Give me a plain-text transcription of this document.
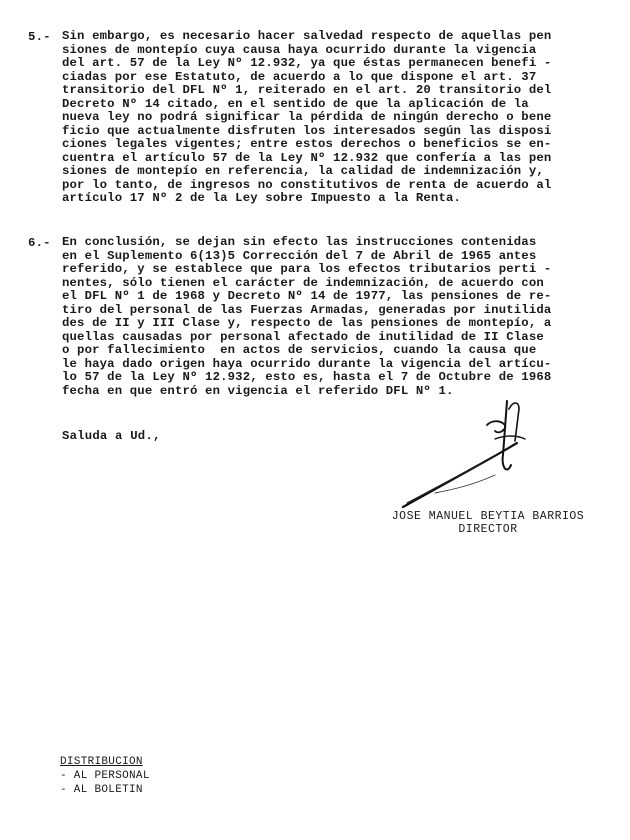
5.- Sin embargo, es necesario hacer salvedad respecto de aquellas pen
siones de montepío cuya causa haya ocurrido durante la vigencia
del art. 57 de la Ley Nº 12.932, ya que éstas permanecen benefi -
ciadas por ese Estatuto, de acuerdo a lo que dispone el art. 37
transitorio del DFL Nº 1, reiterado en el art. 20 transitorio del
Decreto Nº 14 citado, en el sentido de que la aplicación de la
nueva ley no podrá significar la pérdida de ningún derecho o bene
ficio que actualmente disfruten los interesados según las disposi
ciones legales vigentes; entre estos derechos o beneficios se en-
cuentra el artículo 57 de la Ley Nº 12.932 que confería a las pen
siones de montepío en referencia, la calidad de indemnización y,
por lo tanto, de ingresos no constitutivos de renta de acuerdo al
artículo 17 Nº 2 de la Ley sobre Impuesto a la Renta.
6.- En conclusión, se dejan sin efecto las instrucciones contenidas
en el Suplemento 6(13)5 Corrección del 7 de Abril de 1965 antes
referido, y se establece que para los efectos tributarios perti -
nentes, sólo tienen el carácter de indemnización, de acuerdo con
el DFL Nº 1 de 1968 y Decreto Nº 14 de 1977, las pensiones de re-
tiro del personal de las Fuerzas Armadas, generadas por inutilida
des de II y III Clase y, respecto de las pensiones de montepío, a
quellas causadas por personal afectado de inutilidad de II Clase
o por fallecimiento  en actos de servicios, cuando la causa que
le haya dado origen haya ocurrido durante la vigencia del artícu-
lo 57 de la Ley Nº 12.932, esto es, hasta el 7 de Octubre de 1968
fecha en que entró en vigencia el referido DFL Nº 1.
Saluda a Ud.,
JOSE MANUEL BEYTIA BARRIOS
DIRECTOR
DISTRIBUCION
- AL PERSONAL
- AL BOLETIN
